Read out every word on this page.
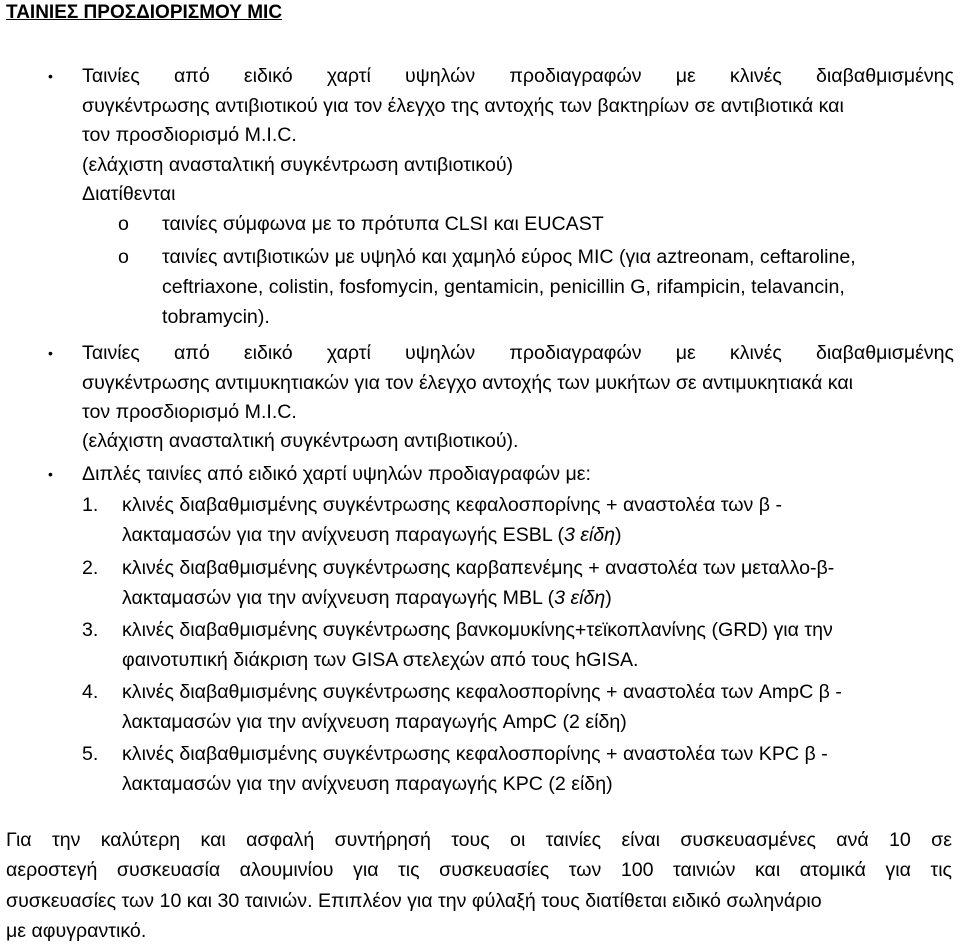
ΤΑΙΝΙΕΣ ΠΡΟΣΔΙΟΡΙΣΜΟΥ MIC
• Ταινίες από ειδικό χαρτί υψηλών προδιαγραφών με κλινές διαβαθμισμένης
συγκέντρωσης αντιβιοτικού για τον έλεγχο της αντοχής των βακτηρίων σε αντιβιοτικά και
τον προσδιορισμό M.I.C.
(ελάχιστη ανασταλτική συγκέντρωση αντιβιοτικού)
Διατίθενται
o ταινίες σύμφωνα με το πρότυπα CLSI και EUCAST
o ταινίες αντιβιοτικών με υψηλό και χαμηλό εύρος MIC (για aztreonam, ceftaroline,
ceftriaxone, colistin, fosfomycin, gentamicin, penicillin G, rifampicin, telavancin,
tobramycin).
• Ταινίες από ειδικό χαρτί υψηλών προδιαγραφών με κλινές διαβαθμισμένης
συγκέντρωσης αντιμυκητιακών για τον έλεγχο αντοχής των μυκήτων σε αντιμυκητιακά και
τον προσδιορισμό M.I.C.
(ελάχιστη ανασταλτική συγκέντρωση αντιβιοτικού).
• Διπλές ταινίες από ειδικό χαρτί υψηλών προδιαγραφών με:
1. κλινές διαβαθμισμένης συγκέντρωσης κεφαλοσπορίνης + αναστολέα των β -
λακταμασών για την ανίχνευση παραγωγής ESBL (3 είδη)
2. κλινές διαβαθμισμένης συγκέντρωσης καρβαπενέμης + αναστολέα των μεταλλο-β-
λακταμασών για την ανίχνευση παραγωγής MBL (3 είδη)
3. κλινές διαβαθμισμένης συγκέντρωσης βανκομυκίνης+τεϊκοπλανίνης (GRD) για την
φαινοτυπική διάκριση των GISA στελεχών από τους hGISA.
4. κλινές διαβαθμισμένης συγκέντρωσης κεφαλοσπορίνης + αναστολέα των AmpC β -
λακταμασών για την ανίχνευση παραγωγής AmpC (2 είδη)
5. κλινές διαβαθμισμένης συγκέντρωσης κεφαλοσπορίνης + αναστολέα των KPC β -
λακταμασών για την ανίχνευση παραγωγής KPC (2 είδη)
Για την καλύτερη και ασφαλή συντήρησή τους οι ταινίες είναι συσκευασμένες ανά 10 σε
αεροστεγή συσκευασία αλουμινίου για τις συσκευασίες των 100 ταινιών και ατομικά για τις
συσκευασίες των 10 και 30 ταινιών. Επιπλέον για την φύλαξή τους διατίθεται ειδικό σωληνάριο
με αφυγραντικό.
